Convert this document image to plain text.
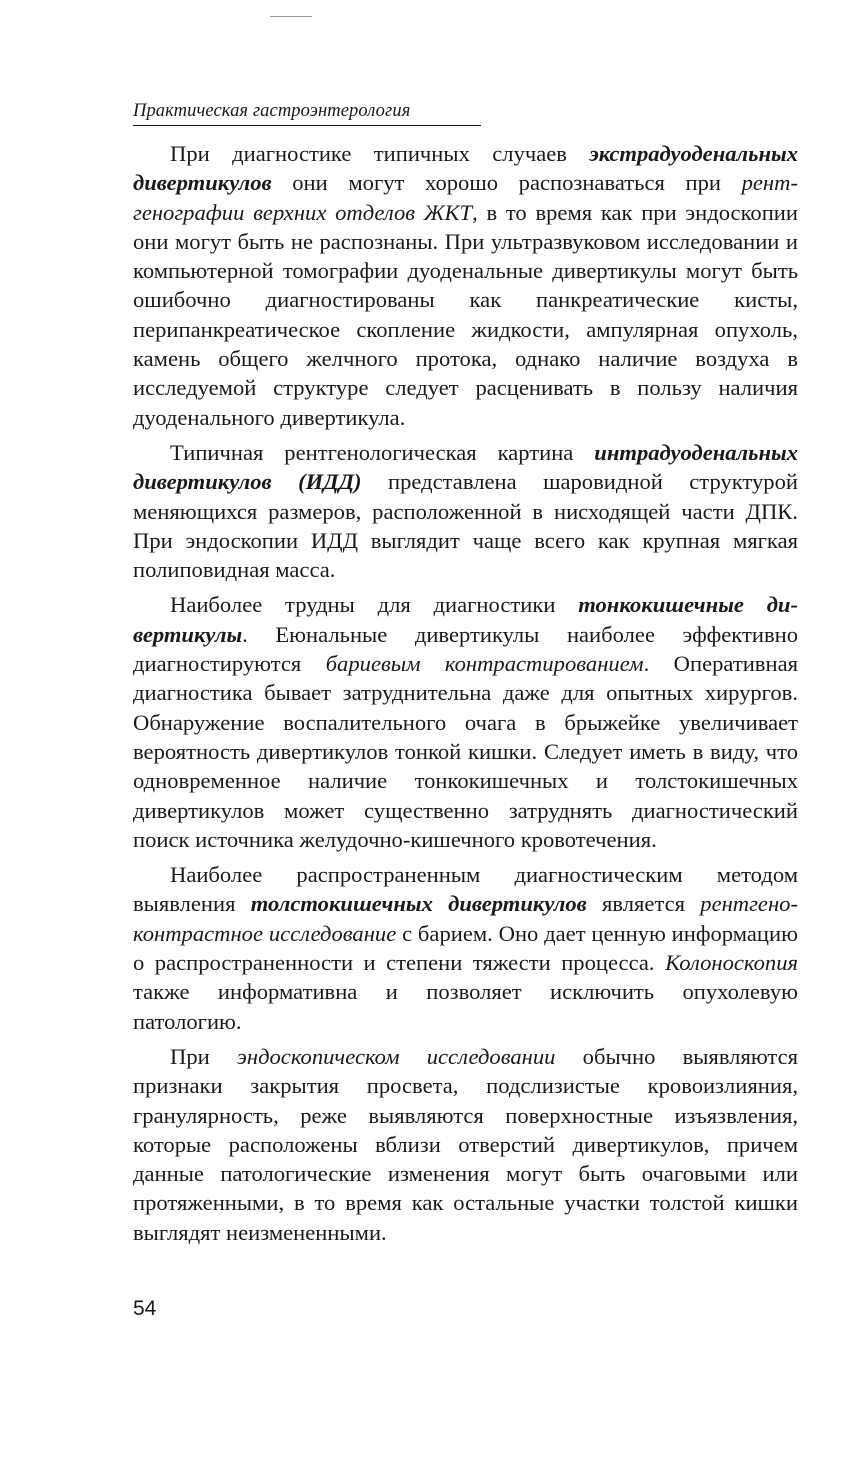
Практическая гастроэнтерология

При диагностике типичных случаев экстрадуоденальных дивертикулов они могут хорошо распознаваться при рентгенографии верхних отделов ЖКТ, в то время как при эндоскопии они могут быть не распознаны. При ультразвуковом исследовании и компьютерной томографии дуоденальные дивертикулы могут быть ошибочно диагностированы как панкреатические кисты, перипанкреатическое скопление жидкости, ампулярная опухоль, камень общего желчного протока, однако наличие воздуха в исследуемой структуре следует расценивать в пользу наличия дуоденального дивертикула.

Типичная рентгенологическая картина интрадуоденальных дивертикулов (ИДД) представлена шаровидной структурой меняющихся размеров, расположенной в нисходящей части ДПК. При эндоскопии ИДД выглядит чаще всего как крупная мягкая полиповидная масса.

Наиболее трудны для диагностики тонкокишечные дивертикулы. Еюнальные дивертикулы наиболее эффективно диагностируются бариевым контрастированием. Оперативная диагностика бывает затруднительна даже для опытных хирургов. Обнаружение воспалительного очага в брыжейке увеличивает вероятность дивертикулов тонкой кишки. Следует иметь в виду, что одновременное наличие тонкокишечных и толстокишечных дивертикулов может существенно затруднять диагностический поиск источника желудочно-кишечного кровотечения.

Наиболее распространенным диагностическим методом выявления толстокишечных дивертикулов является рентгеноконтрастное исследование с барием. Оно дает ценную информацию о распространенности и степени тяжести процесса. Колоноскопия также информативна и позволяет исключить опухолевую патологию.

При эндоскопическом исследовании обычно выявляются признаки закрытия просвета, подслизистые кровоизлияния, гранулярность, реже выявляются поверхностные изъязвления, которые расположены вблизи отверстий дивертикулов, причем данные патологические изменения могут быть очаговыми или протяженными, в то время как остальные участки толстой кишки выглядят неизмененными.

54
